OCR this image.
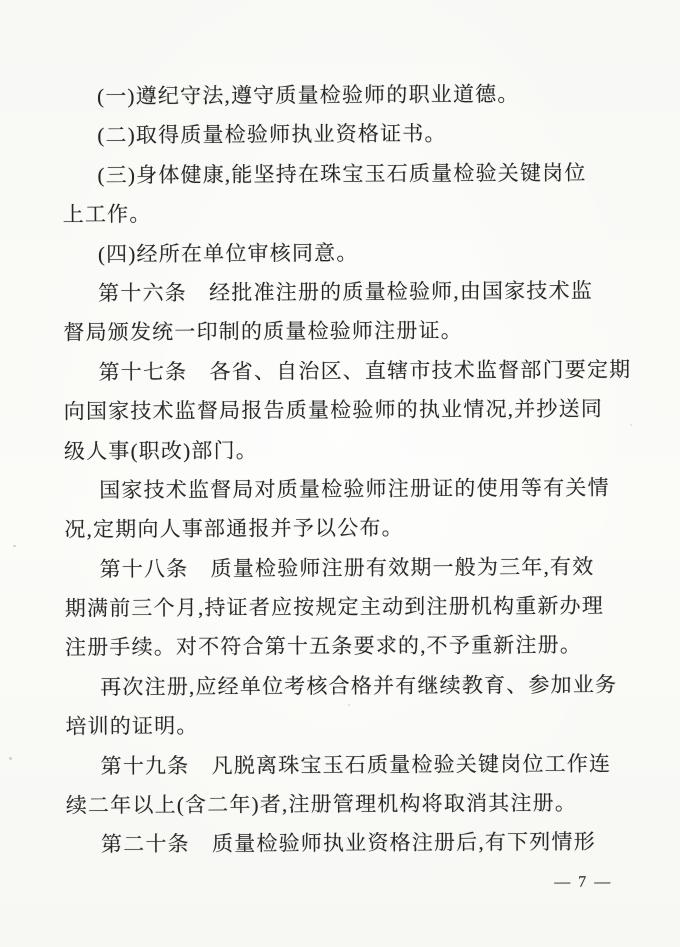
(一)遵纪守法,遵守质量检验师的职业道德。
(二)取得质量检验师执业资格证书。
(三)身体健康,能坚持在珠宝玉石质量检验关键岗位
上工作。
(四)经所在单位审核同意。
第十六条　经批准注册的质量检验师,由国家技术监
督局颁发统一印制的质量检验师注册证。
第十七条　各省、自治区、直辖市技术监督部门要定期
向国家技术监督局报告质量检验师的执业情况,并抄送同
级人事(职改)部门。
国家技术监督局对质量检验师注册证的使用等有关情
况,定期向人事部通报并予以公布。
第十八条　质量检验师注册有效期一般为三年,有效
期满前三个月,持证者应按规定主动到注册机构重新办理
注册手续。对不符合第十五条要求的,不予重新注册。
再次注册,应经单位考核合格并有继续教育、参加业务
培训的证明。
第十九条　凡脱离珠宝玉石质量检验关键岗位工作连
续二年以上(含二年)者,注册管理机构将取消其注册。
第二十条　质量检验师执业资格注册后,有下列情形
— 7 —
